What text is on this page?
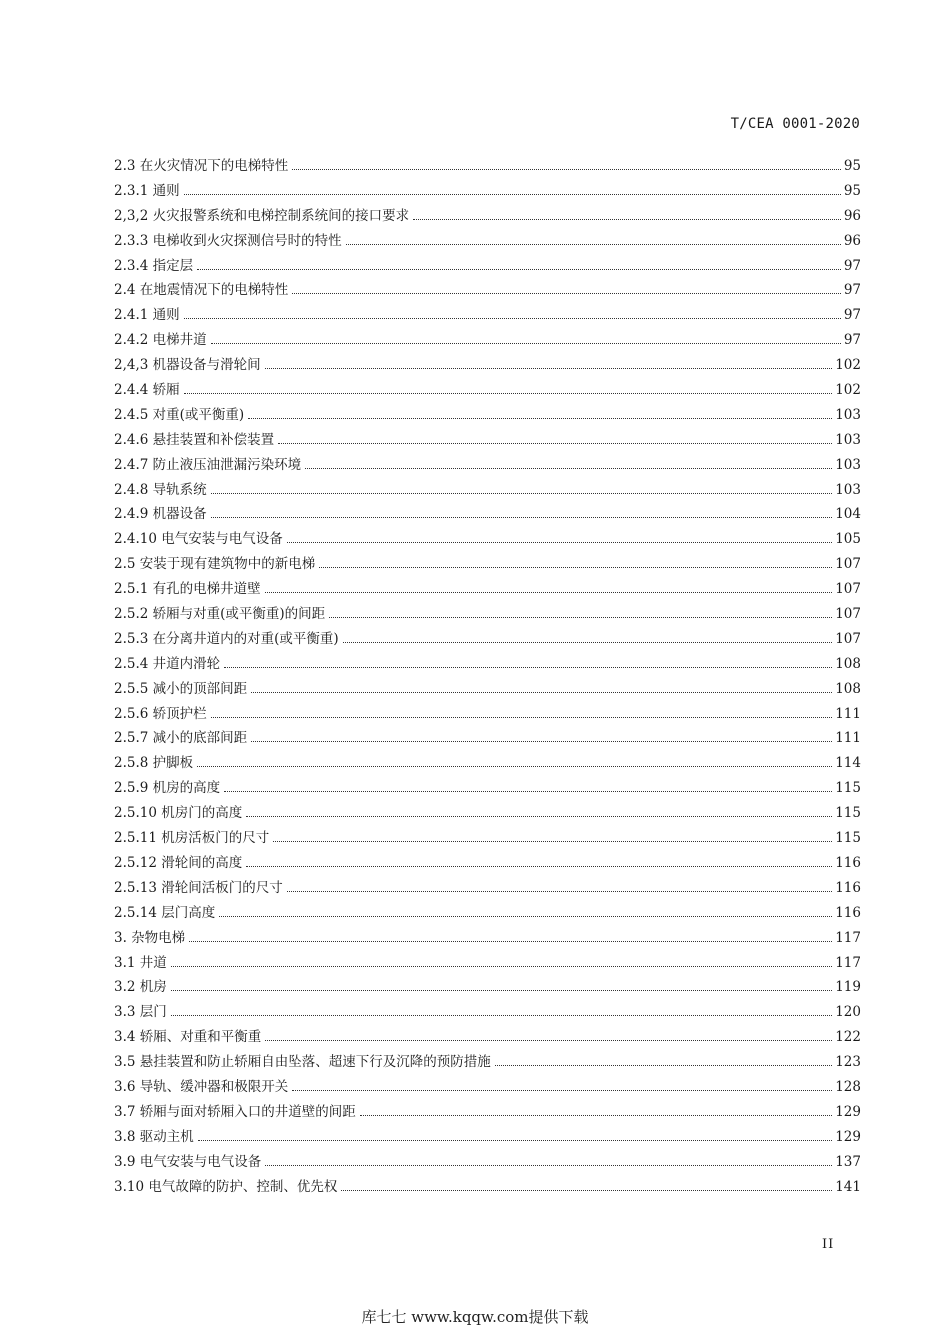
T/CEA 0001-2020
2.3 在火灾情况下的电梯特性	95
2.3.1 通则	95
2,3,2 火灾报警系统和电梯控制系统间的接口要求	96
2.3.3 电梯收到火灾探测信号时的特性	96
2.3.4 指定层	97
2.4 在地震情况下的电梯特性	97
2.4.1 通则	97
2.4.2 电梯井道	97
2,4,3 机器设备与滑轮间	102
2.4.4 轿厢	102
2.4.5 对重(或平衡重)	103
2.4.6 悬挂装置和补偿装置	103
2.4.7 防止液压油泄漏污染环境	103
2.4.8 导轨系统	103
2.4.9 机器设备	104
2.4.10 电气安装与电气设备	105
2.5 安装于现有建筑物中的新电梯	107
2.5.1 有孔的电梯井道壁	107
2.5.2 轿厢与对重(或平衡重)的间距	107
2.5.3 在分离井道内的对重(或平衡重)	107
2.5.4 井道内滑轮	108
2.5.5 减小的顶部间距	108
2.5.6 轿顶护栏	111
2.5.7 减小的底部间距	111
2.5.8 护脚板	114
2.5.9 机房的高度	115
2.5.10 机房门的高度	115
2.5.11 机房活板门的尺寸	115
2.5.12 滑轮间的高度	116
2.5.13 滑轮间活板门的尺寸	116
2.5.14 层门高度	116
3. 杂物电梯	117
3.1 井道	117
3.2 机房	119
3.3 层门	120
3.4 轿厢、对重和平衡重	122
3.5 悬挂装置和防止轿厢自由坠落、超速下行及沉降的预防措施	123
3.6 导轨、缓冲器和极限开关	128
3.7 轿厢与面对轿厢入口的井道壁的间距	129
3.8 驱动主机	129
3.9 电气安装与电气设备	137
3.10 电气故障的防护、控制、优先权	141
II
库七七 www.kqqw.com提供下载
